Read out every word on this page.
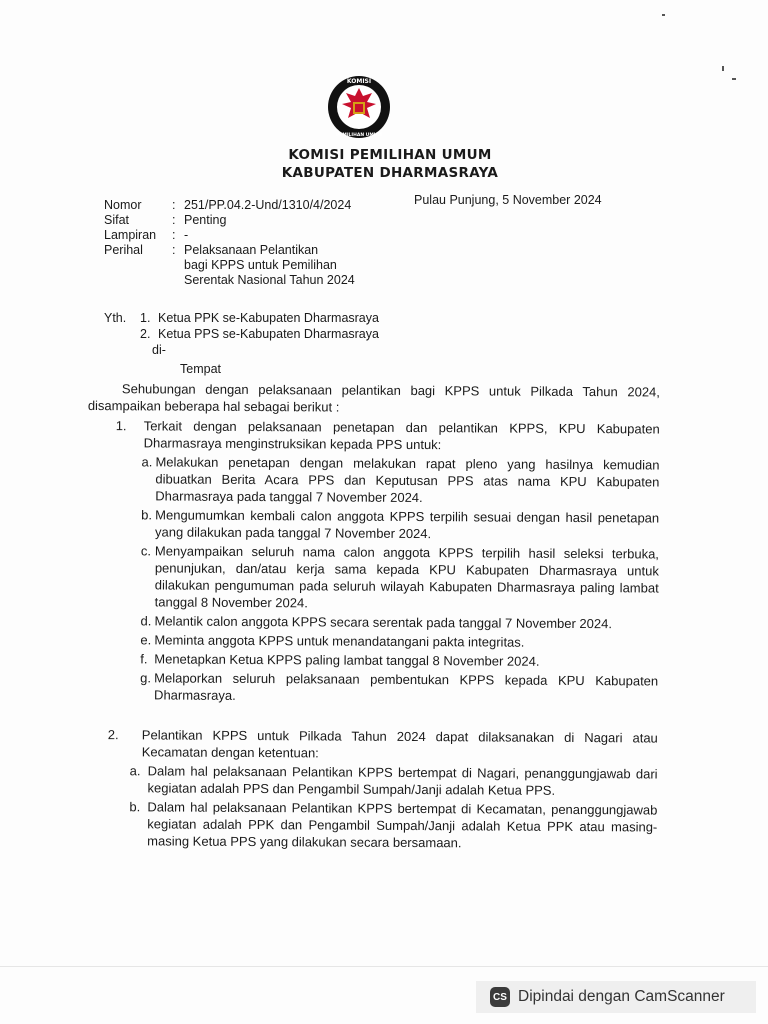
KOMISI
PEMILIHAN UMUM
KOMISI PEMILIHAN UMUM
KABUPATEN DHARMASRAYA
Pulau Punjung, 5 November 2024
Nomor	: 251/PP.04.2-Und/1310/4/2024
Sifat	: Penting
Lampiran	: -
Perihal	: Pelaksanaan Pelantikan
bagi KPPS untuk Pemilihan
Serentak Nasional Tahun 2024
Yth.	1. Ketua PPK se-Kabupaten Dharmasraya
2. Ketua PPS se-Kabupaten Dharmasraya
di-
Tempat
Sehubungan dengan pelaksanaan pelantikan bagi KPPS untuk Pilkada Tahun 2024, disampaikan beberapa hal sebagai berikut :
1.	Terkait dengan pelaksanaan penetapan dan pelantikan KPPS, KPU Kabupaten Dharmasraya menginstruksikan kepada PPS untuk:
a. Melakukan penetapan dengan melakukan rapat pleno yang hasilnya kemudian dibuatkan Berita Acara PPS dan Keputusan PPS atas nama KPU Kabupaten Dharmasraya pada tanggal 7 November 2024.
b. Mengumumkan kembali calon anggota KPPS terpilih sesuai dengan hasil penetapan yang dilakukan pada tanggal 7 November 2024.
c. Menyampaikan seluruh nama calon anggota KPPS terpilih hasil seleksi terbuka, penunjukan, dan/atau kerja sama kepada KPU Kabupaten Dharmasraya untuk dilakukan pengumuman pada seluruh wilayah Kabupaten Dharmasraya paling lambat tanggal 8 November 2024.
d. Melantik calon anggota KPPS secara serentak pada tanggal 7 November 2024.
e. Meminta anggota KPPS untuk menandatangani pakta integritas.
f. Menetapkan Ketua KPPS paling lambat tanggal 8 November 2024.
g. Melaporkan seluruh pelaksanaan pembentukan KPPS kepada KPU Kabupaten Dharmasraya.
2.	Pelantikan KPPS untuk Pilkada Tahun 2024 dapat dilaksanakan di Nagari atau Kecamatan dengan ketentuan:
a. Dalam hal pelaksanaan Pelantikan KPPS bertempat di Nagari, penanggungjawab dari kegiatan adalah PPS dan Pengambil Sumpah/Janji adalah Ketua PPS.
b. Dalam hal pelaksanaan Pelantikan KPPS bertempat di Kecamatan, penanggungjawab kegiatan adalah PPK dan Pengambil Sumpah/Janji adalah Ketua PPK atau masing-masing Ketua PPS yang dilakukan secara bersamaan.
CS Dipindai dengan CamScanner
